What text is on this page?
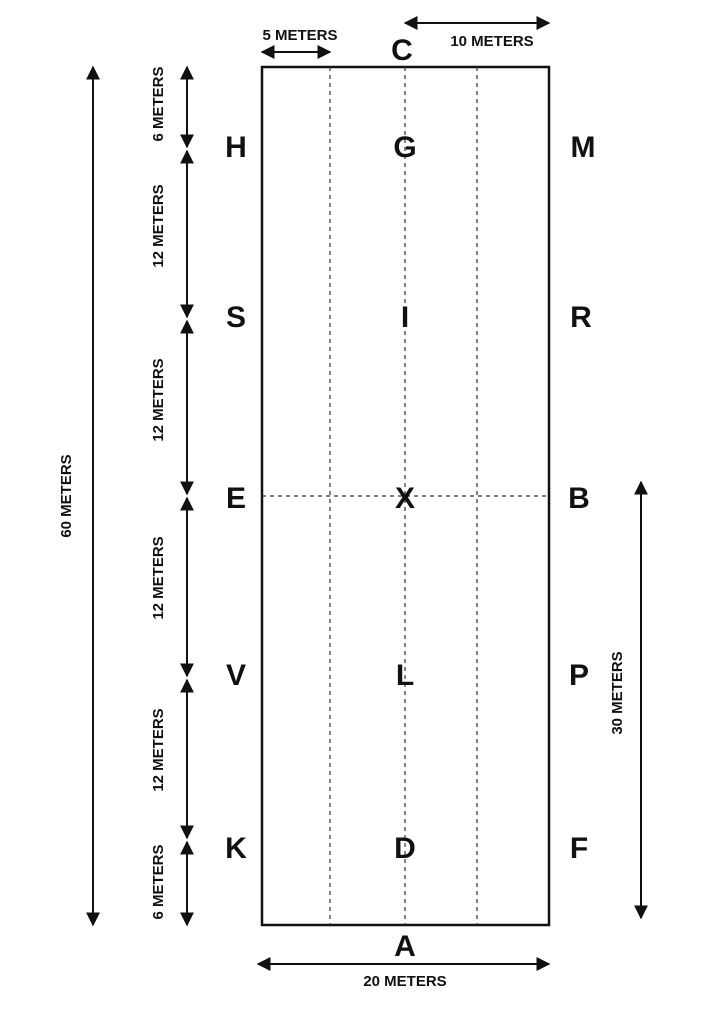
C
A
H
S
E
V
K
G
I
X
L
D
M
R
B
P
F
5 METERS	10 METERS
20 METERS
60 METERS
30 METERS
6 METERS
12 METERS
12 METERS
12 METERS
12 METERS
6 METERS
